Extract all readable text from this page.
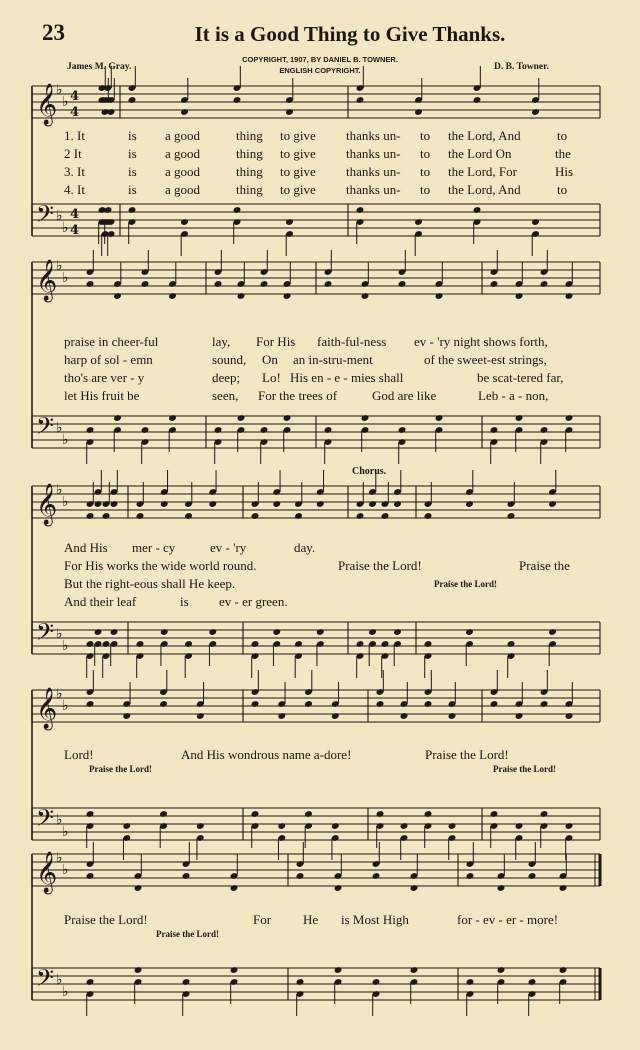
23	It is a Good Thing to Give Thanks.
COPYRIGHT, 1907, BY DANIEL B. TOWNER.
ENGLISH COPYRIGHT.
James M. Gray.	D. B. Towner.
𝄞
♭
♭ 4
4
𝄢 ♭
♭
4
4
𝄞
♭
♭
𝄢 ♭
♭
𝄞
♭
♭
𝄢 ♭
♭
𝄞
♭
♭
𝄢 ♭
♭
𝄞
♭
♭
𝄢 ♭
♭
1. It	is a good	thing to give thanks un- to the Lord, And	to
2 It	is a good	thing to give thanks un- to the Lord On	the
3. It	is a good	thing to give thanks un- to the Lord, For	His
4. It	is a good	thing to give thanks un- to the Lord, And	to
praise in cheer-ful	lay, For His faith-ful-ness ev - 'ry night shows forth,
harp of sol - emn	sound, On an in-stru-ment	of the sweet-est strings,
tho's are ver - y	deep; Lo! His en - e - mies shall	be scat-tered far,
let His fruit be	seen, For the trees of	God are like	Leb - a - non,
Chorus.
And His mer - cy	ev - 'ry	day.
For His works the wide world round.	Praise the Lord!	Praise the
But the right-eous shall He keep.	Praise the Lord!
And their leaf	is ev - er green.
Lord!	And His wondrous name a-dore!	Praise the Lord!
Praise the Lord!	Praise the Lord!
Praise the Lord!	For He is Most High	for - ev - er - more!
Praise the Lord!
